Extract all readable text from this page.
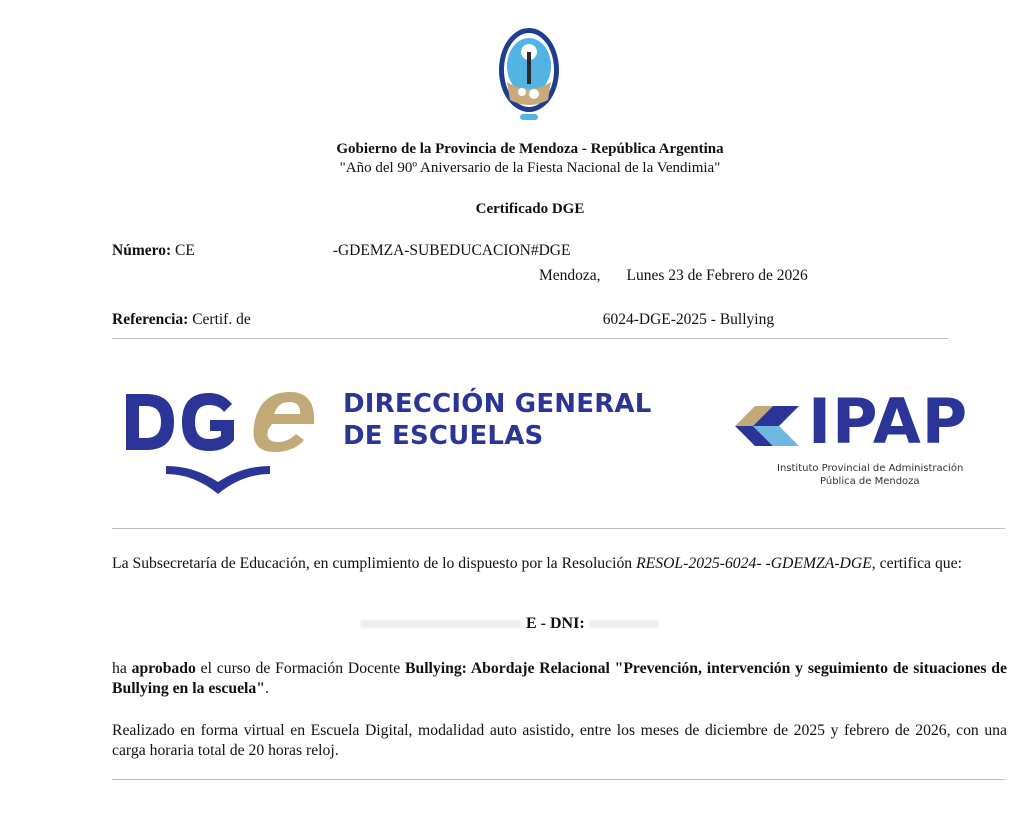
Gobierno de la Provincia de Mendoza - República Argentina
"Año del 90º Aniversario de la Fiesta Nacional de la Vendimia"
Certificado DGE
Número: CE	-GDEMZA-SUBEDUCACION#DGE
Mendoza, Lunes 23 de Febrero de 2026
Referencia: Certif. de	6024-DGE-2025 - Bullying
DIRECCIÓN GENERAL
DE ESCUELAS	IPAP
Instituto Provincial de Administración
Pública de Mendoza
La Subsecretaría de Educación, en cumplimiento de lo dispuesto por la Resolución RESOL-2025-6024- -GDEMZA-DGE, certifica que:
E - DNI:
ha aprobado el curso de Formación Docente Bullying: Abordaje Relacional "Prevención, intervención y seguimiento de situaciones de Bullying en la escuela".
Realizado en forma virtual en Escuela Digital, modalidad auto asistido, entre los meses de diciembre de 2025 y febrero de 2026, con una carga horaria total de 20 horas reloj.
